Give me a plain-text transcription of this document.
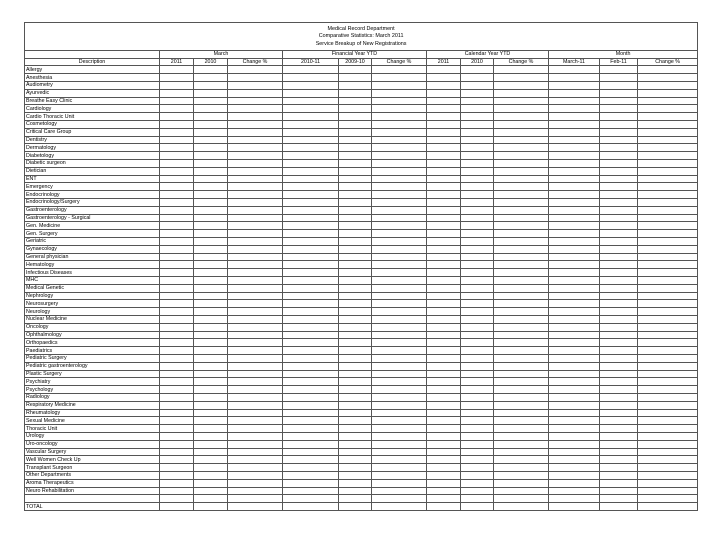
Medical Record Department
Comparative Statistics: March 2011
Service Breakup of New Registrations												

	March			Financial Year YTD			Calendar Year YTD			Month		
Description	2011	2010	Change %	2010-11	2009-10	Change %	2011	2010	Change %	March-11	Feb-11	Change %
Allergy												
Anesthesia												
Audiometry												
Ayurvedic												
Breathe Easy Clinic												
Cardiology												
Cardio Thoracic Unit												
Cosmetology												
Critical Care Group												
Dentistry												
Dermatology												
Diabetology												
Diabetic surgeon												
Dietician												
ENT												
Emergency												
Endocrinology												
Endocrinology/Surgery												
Gastroenterology												
Gastroenterology - Surgical												
Gen. Medicine												
Gen. Surgery												
Geriatric												
Gynaecology												
General physician												
Hematology												
Infectious Diseases												
MHC												
Medical Genetic												
Nephrology												
Neurosurgery												
Neurology												
Nuclear Medicine												
Oncology												
Ophthalmology												
Orthopaedics												
Paediatrics												
Pediatric Surgery												
Pediatric gastroenterology												
Plastic Surgery												
Psychiatry												
Psychology												
Radiology												
Respiratory Medicine												
Rheumatology												
Sexual Medicine												
Thoracic Unit												
Urology												
Uro-oncology												
Vascular Surgery												
Well Women Check Up												
Transplant Surgeon												
Other Departments												
Aroma Therapeutics												
Neuro Rehabilitation												

TOTAL												
